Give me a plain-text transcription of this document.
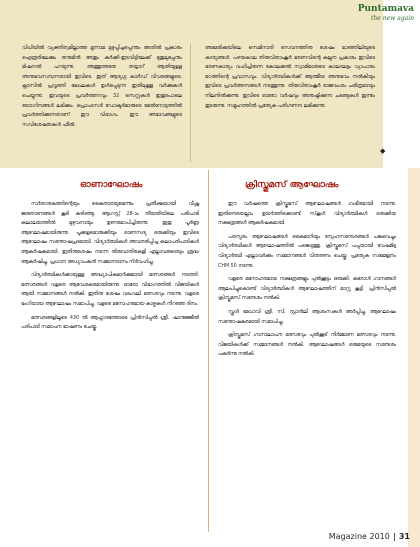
Puntamava
the new again

വിധിയിൽ വ്യക്തിത്വമില്ലാത്ത മൂന്നാമ മുഴുപ്പിച്ചപ്പെന്നും അതിൽ പ്രകാരം ഐരൂരിലേക്കും തനുമിൽ അതും കർക്കി-ഇടവിട്ടിലേക്ക് മുതുലുപ്പേനും മിഷനൽ പറയുന്നു. അത്തുത്തതേ തയ്യാറ് ആതിയുളള അനുഭവസമ്പന്നരായി ഇവിടെ. ഇത് ആദ്യഗ്ഗ കാർഡ് വിവരങ്ങളുടെ. ക്ലാസിൽ പ്രവൃത്തി മേഖലകൾ ഉൾപ്പെടുന്ന ഇതിലുള്ള വർക്കുകൾ ചെയ്യുന്നു. ഇവയുടെ പ്രവർത്തനവും 32 സെറ്റുകൾ ഇതുപോലെ യോഗിനങ്ങൾ ലഭിക്കും. പ്രൊഫസർ ഡോക്ടർമാരുടെ മേൽനോട്ടത്തിൽ പ്രവർത്തിക്കുന്നതാണ് ഈ വിഭാഗം. ഈ അഭാവങ്ങളുടെ സവിശേഷതകൾ ഫീൽ.

അമേരിക്കയിലെ സെമിനാരി സേവനത്തിനു ശേഷം മാഞ്ഞിലിയുടെ കാര്യങ്ങൾ. പഴയകാല തിരുവിതാംകൂർ ഭരണവിന്റെ കല്പന പ്രകാരം ഇവിടെ ഭരണകാര്യം വഹിച്ചിരുന്ന കോലക്കൽ സ്വാമിമാരുടെ കാലഘട്ടം വ്യാപാരം മഠത്തിന്റെ പ്രവാസവും. വിദ്യാർത്ഥികൾക്ക് ആത്മീയ അനുഭവം നൽകിയും ഇവിടെ പ്രവർത്തനങ്ങൾ നടത്തുന്നു. തിരുവിതാംകൂർ രാജവംശം ചരിത്രമായും നിലനിൽക്കുന്നു. ഇവിടെ ഓരോ വർഷവും അനുഷ്ഠിക്കുന്ന ചടങ്ങുകൾ ഇന്നും തുടരുന്നു. സമൂഹത്തിൽ പ്രത്യേക പരിഗണന ലഭിക്കുന്നു.

◆
ഓണാഘോഷം	ക്രിസ്തുമസ് ആഘോഷം

സർതാരകത്തിന്റെയും കൈതാരയുമെന്നും പ്രതീക്ഷയായി വീഷ്ണു ജരുതാണങ്ങൾ കൂടി കഴിഞ്ഞു. ആഗസ്റ്റ് 28-ാം തീയതിയിലെ പരിപാടി കലാലയത്തിൽ മുഴുവനായും ഉണരമാപിച്ചിരുന്നു. ഇതു പൂർണ്ണ ആഘോഷമായിരുന്നു. പൂക്കളമൊരുക്കിയും ഓണസദ്യ ഒരുക്കിയും ഇവിടെ ആഘോഷം സന്തോഷപ്രദമായി. വിദ്യാർത്ഥികൾ അവതരിപ്പിച്ച കലാപരിപാടികൾ ആകർഷകമായി. ഇതിനുശേഷം നടന്ന തിരുവാതിരകളി എല്ലാവരുടെയും ശ്രദ്ധ ആകർഷിച്ചു. പ്രധാന അധ്യാപകൻ സമ്മാനദാനം നിർവഹിച്ചു.

വിദ്യാർത്ഥികൾക്കായുള്ള അദ്ധ്യാപികമാർക്കുമായി മത്സരങ്ങൾ നടത്തി. മത്സരങ്ങൾ വളരെ ആവേശകരമായിരുന്നു. ഓരോ വിഭാഗത്തിൽ വിജയികൾ ആയി സമ്മാനങ്ങൾ നൽകി. ഇതിനു ശേഷം വടംവലി മത്സരവും നടന്നു. വളരെ ഭംഗിയായ ആഘോഷം സമാപിച്ചു. വളരെ മനോഹരമായ കാഴ്ചകൾ നിറഞ്ഞ ദിനം.

മത്സരങ്ങളിലൂടെ 430 ൽ ആഹ്ലാദത്തോടെ പ്രിൻസിപ്പൽ ശ്രീ. ഷാനുജ്ജീൽ പരിപാടി സമാപന ഭാഷണം ചെയ്തു.

ഈ വർഷത്തെ ക്രിസ്തുമസ് ആഘോഷങ്ങൾ ഗംഭീരമായി നടന്നു. ഇതിനെയെല്ലാം ഉയർത്തിക്കൊണ്ട് സ്‌കൂൾ വിദ്യാർത്ഥികൾ ഒരുക്കിയ നക്ഷത്രങ്ങൾ ആകർഷകമായി.

പരസ്പരം ആഘോഷങ്ങൾ കൈമാറിയും സ്നേഹസന്ദേശങ്ങൾ പങ്കുവെച്ചും വിദ്യാർത്ഥികൾ ആഘോഷത്തിൽ പങ്കെടുത്തു. ക്രിസ്തുമസ് പപ്പയായി വേഷമിട്ട വിദ്യാർത്ഥി എല്ലാവർക്കും സമ്മാനങ്ങൾ വിതരണം ചെയ്തു. പ്രത്യേക സമ്മേളനം CHM 50 നടന്നു.

വളരെ മനോഹരമായ നക്ഷത്രങ്ങളും പുൽക്കൂടും ഒരുക്കി. കരോൾ ഗാനങ്ങൾ ആലപിച്ചുകൊണ്ട് വിദ്യാർത്ഥികൾ ആഘോഷത്തിന് മാറ്റു കൂട്ടി. പ്രിൻസിപ്പൽ ക്രിസ്തുമസ് സന്ദേശം നൽകി.

സ്കൂൾ മേധാവി ശ്രീ. സി. സ്റ്റാൻലി ആശംസകൾ അർപ്പിച്ചു. ആഘോഷം സന്തോഷകരമായി സമാപിച്ചു.

ക്രിസ്തുമസ് ഗാനാലാപന മത്സരവും പുൽക്കൂട് നിർമ്മാണ മത്സരവും നടന്നു. വിജയികൾക്ക് സമ്മാനങ്ങൾ നൽകി. ആഘോഷങ്ങൾ ഒരുമയുടെ സന്ദേശം പകർന്നു നൽകി.

Magazine 2010 31
